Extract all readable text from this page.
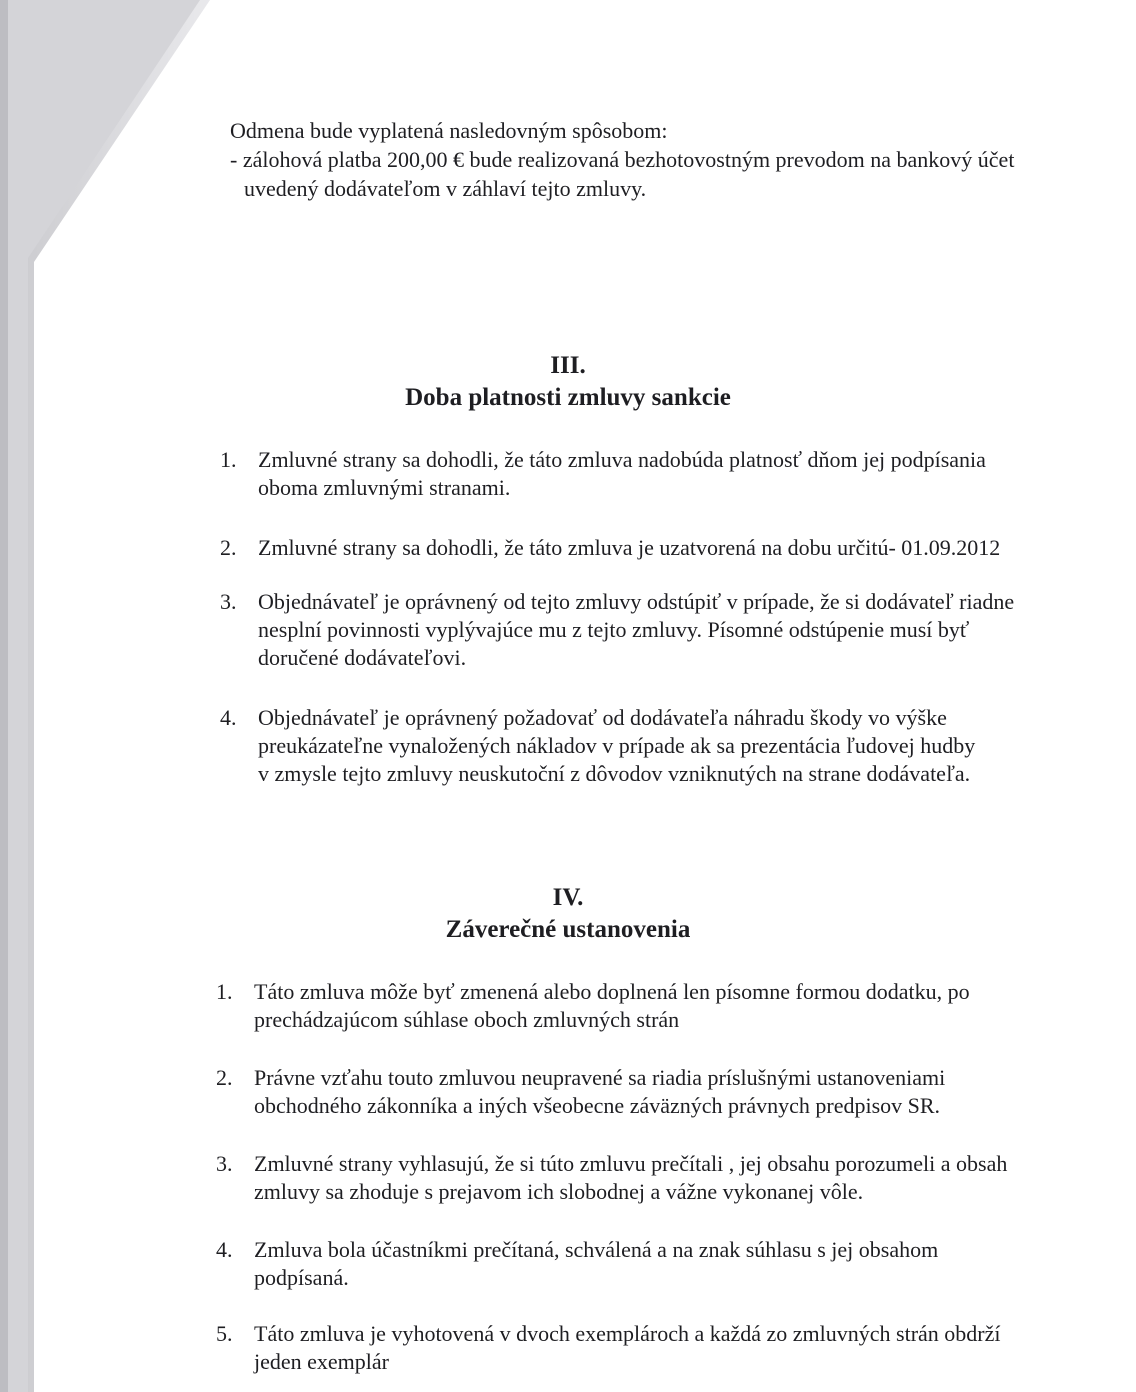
Odmena bude vyplatená nasledovným spôsobom:
- zálohová platba 200,00 € bude realizovaná bezhotovostným prevodom na bankový účet
uvedený dodávateľom v záhlaví tejto zmluvy.
III.
Doba platnosti zmluvy sankcie
1. Zmluvné strany sa dohodli, že táto zmluva nadobúda platnosť dňom jej podpísania
oboma zmluvnými stranami.
2. Zmluvné strany sa dohodli, že táto zmluva je uzatvorená na dobu určitú- 01.09.2012
3. Objednávateľ je oprávnený od tejto zmluvy odstúpiť v prípade, že si dodávateľ riadne
nesplní povinnosti vyplývajúce mu z tejto zmluvy. Písomné odstúpenie musí byť
doručené dodávateľovi.
4. Objednávateľ je oprávnený požadovať od dodávateľa náhradu škody vo výške
preukázateľne vynaložených nákladov v prípade ak sa prezentácia ľudovej hudby
v zmysle tejto zmluvy neuskutoční z dôvodov vzniknutých na strane dodávateľa.
IV.
Záverečné ustanovenia
1. Táto zmluva môže byť zmenená alebo doplnená len písomne formou dodatku, po
prechádzajúcom súhlase oboch zmluvných strán
2. Právne vzťahu touto zmluvou neupravené sa riadia príslušnými ustanoveniami
obchodného zákonníka a iných všeobecne záväzných právnych predpisov SR.
3. Zmluvné strany vyhlasujú, že si túto zmluvu prečítali , jej obsahu porozumeli a obsah
zmluvy sa zhoduje s prejavom ich slobodnej a vážne vykonanej vôle.
4. Zmluva bola účastníkmi prečítaná, schválená a na znak súhlasu s jej obsahom
podpísaná.
5. Táto zmluva je vyhotovená v dvoch exemplároch a každá zo zmluvných strán obdrží
jeden exemplár
